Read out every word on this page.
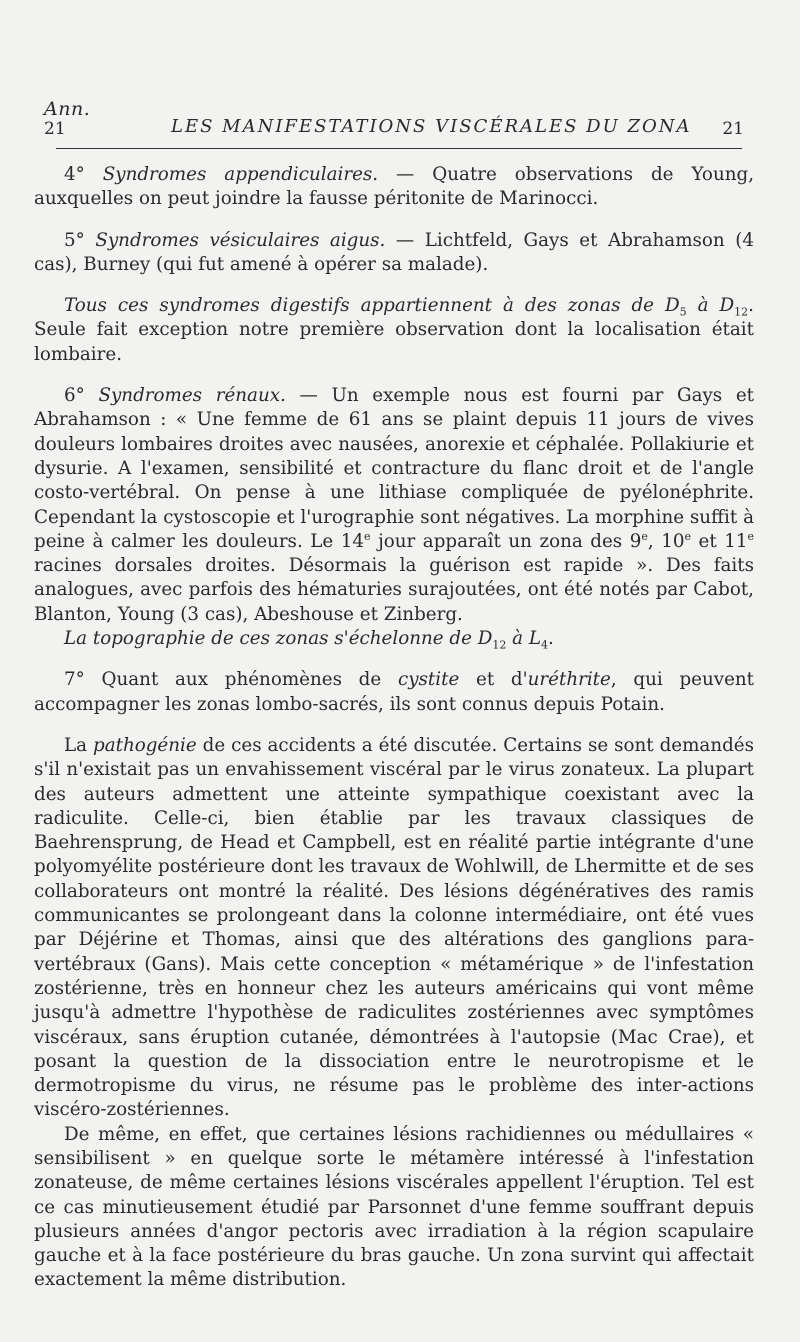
Ann.
21	LES MANIFESTATIONS VISCÉRALES DU ZONA 21

4° Syndromes appendiculaires. — Quatre observations de Young, auxquelles on peut joindre la fausse péritonite de Marinocci.

5° Syndromes vésiculaires aigus. — Lichtfeld, Gays et Abrahamson (4 cas), Burney (qui fut amené à opérer sa malade).

Tous ces syndromes digestifs appartiennent à des zonas de $D_5$ à $D_{12}$. Seule fait exception notre première observation dont la localisation était lombaire.

6° Syndromes rénaux. — Un exemple nous est fourni par Gays et Abrahamson : « Une femme de 61 ans se plaint depuis 11 jours de vives douleurs lombaires droites avec nausées, anorexie et céphalée. Pollakiurie et dysurie. A l'examen, sensibilité et contracture du flanc droit et de l'angle costo-vertébral. On pense à une lithiase compliquée de pyélonéphrite. Cependant la cystoscopie et l'urographie sont négatives. La morphine suffit à peine à calmer les douleurs. Le 14e jour apparaît un zona des 9e, 10e et 11e racines dorsales droites. Désormais la guérison est rapide ». Des faits analogues, avec parfois des hématuries surajoutées, ont été notés par Cabot, Blanton, Young (3 cas), Abeshouse et Zinberg.

La topographie de ces zonas s'échelonne de $D_{12}$ à $L_4$.

7° Quant aux phénomènes de cystite et d'uréthrite, qui peuvent accompagner les zonas lombo-sacrés, ils sont connus depuis Potain.

La pathogénie de ces accidents a été discutée. Certains se sont demandés s'il n'existait pas un envahissement viscéral par le virus zonateux. La plupart des auteurs admettent une atteinte sympathique coexistant avec la radiculite. Celle-ci, bien établie par les travaux classiques de Baehrensprung, de Head et Campbell, est en réalité partie intégrante d'une polyomyélite postérieure dont les travaux de Wohlwill, de Lhermitte et de ses collaborateurs ont montré la réalité. Des lésions dégénératives des ramis communicantes se prolongeant dans la colonne intermédiaire, ont été vues par Déjérine et Thomas, ainsi que des altérations des ganglions para-vertébraux (Gans). Mais cette conception « métamérique » de l'infestation zostérienne, très en honneur chez les auteurs américains qui vont même jusqu'à admettre l'hypothèse de radiculites zostériennes avec symptômes viscéraux, sans éruption cutanée, démontrées à l'autopsie (Mac Crae), et posant la question de la dissociation entre le neurotropisme et le dermotropisme du virus, ne résume pas le problème des inter-actions viscéro-zostériennes.

De même, en effet, que certaines lésions rachidiennes ou médullaires « sensibilisent » en quelque sorte le métamère intéressé à l'infestation zonateuse, de même certaines lésions viscérales appellent l'éruption. Tel est ce cas minutieusement étudié par Parsonnet d'une femme souffrant depuis plusieurs années d'angor pectoris avec irradiation à la région scapulaire gauche et à la face postérieure du bras gauche. Un zona survint qui affectait exactement la même distribution.
